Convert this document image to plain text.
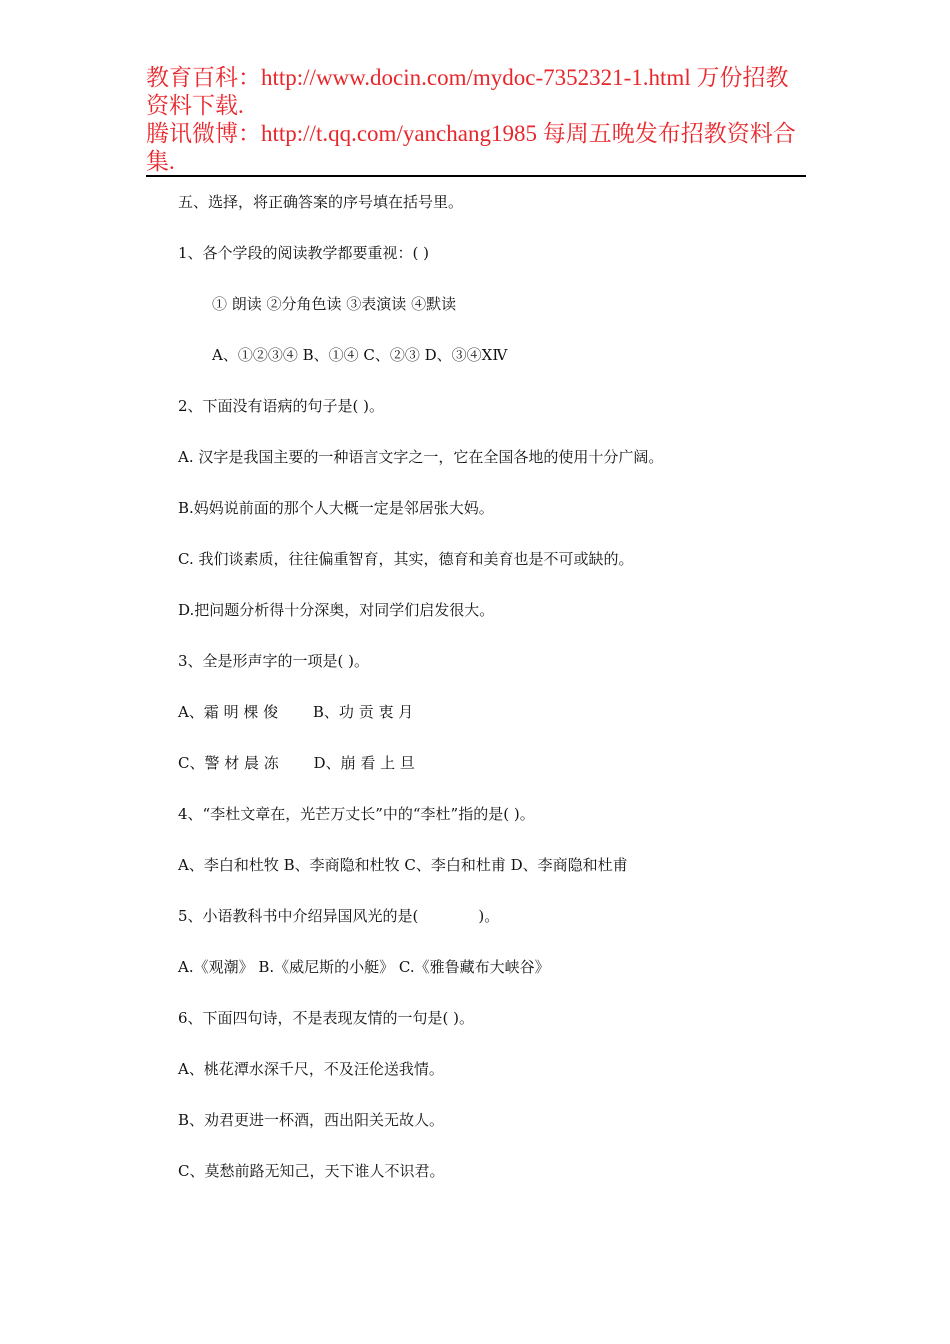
教育百科：http://www.docin.com/mydoc-7352321-1.html 万份招教资料下载.
腾讯微博：http://t.qq.com/yanchang1985 每周五晚发布招教资料合集.
五、选择，将正确答案的序号填在括号里。
1、各个学段的阅读教学都要重视：( )
① 朗读 ②分角色读 ③表演读 ④默读
A、①②③④ B、①④ C、②③ D、③④ⅩⅣ
2、下面没有语病的句子是( )。
A. 汉字是我国主要的一种语言文字之一，它在全国各地的使用十分广阔。
B.妈妈说前面的那个人大概一定是邻居张大妈。
C. 我们谈素质，往往偏重智育，其实，德育和美育也是不可或缺的。
D.把问题分析得十分深奥，对同学们启发很大。
3、全是形声字的一项是( )。
A、霜 明 棵 俊　　 B、功 贡 衷 月
C、警 材 晨 冻　　 D、崩 看 上 旦
4、“李杜文章在，光芒万丈长”中的“李杜”指的是( )。
A、李白和杜牧 B、李商隐和杜牧 C、李白和杜甫 D、李商隐和杜甫
5、小语教科书中介绍异国风光的是(　　　　)。
A.《观潮》 B.《威尼斯的小艇》 C.《雅鲁藏布大峡谷》
6、下面四句诗，不是表现友情的一句是( )。
A、桃花潭水深千尺，不及汪伦送我情。
B、劝君更进一杯酒，西出阳关无故人。
C、莫愁前路无知己，天下谁人不识君。
